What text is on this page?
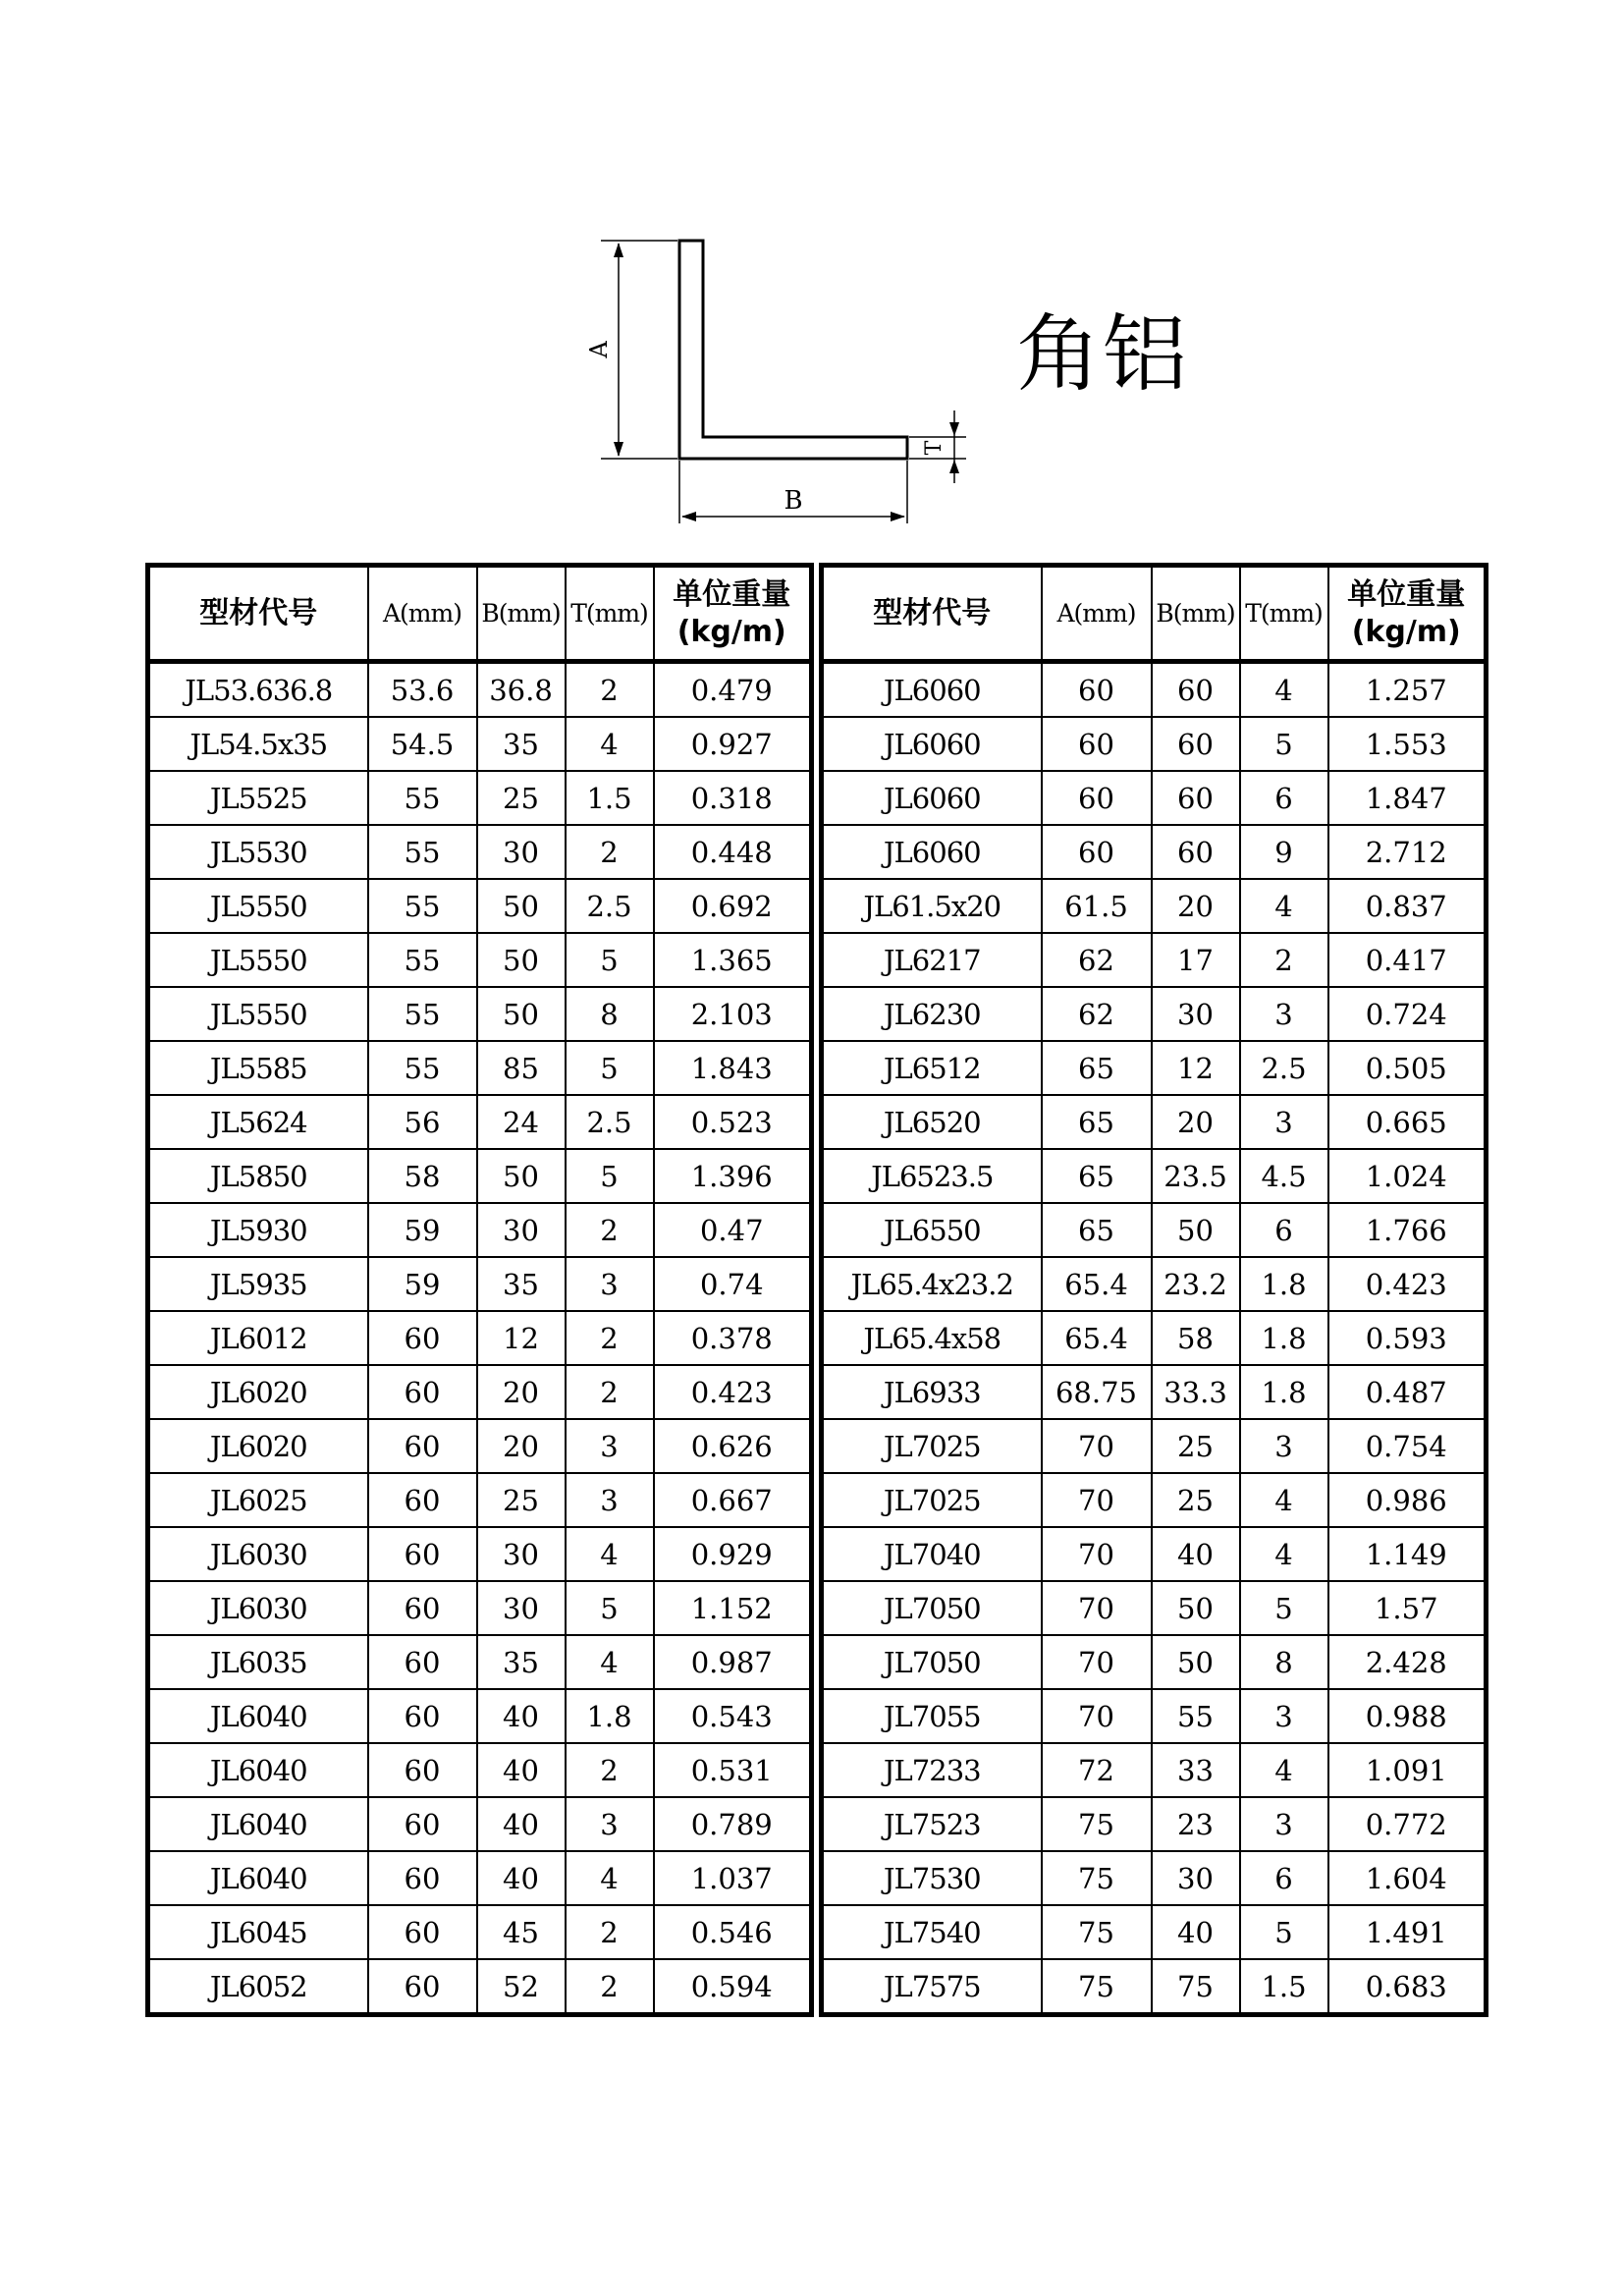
A
B
T
角铝
型材代号	A(mm)	B(mm)	T(mm)	单位重量
(kg/m)

JL53.636.8	53.6	36.8	2	0.479
JL54.5x35	54.5	35	4	0.927
JL5525	55	25	1.5	0.318
JL5530	55	30	2	0.448
JL5550	55	50	2.5	0.692
JL5550	55	50	5	1.365
JL5550	55	50	8	2.103
JL5585	55	85	5	1.843
JL5624	56	24	2.5	0.523
JL5850	58	50	5	1.396
JL5930	59	30	2	0.47
JL5935	59	35	3	0.74
JL6012	60	12	2	0.378
JL6020	60	20	2	0.423
JL6020	60	20	3	0.626
JL6025	60	25	3	0.667
JL6030	60	30	4	0.929
JL6030	60	30	5	1.152
JL6035	60	35	4	0.987
JL6040	60	40	1.8	0.543
JL6040	60	40	2	0.531
JL6040	60	40	3	0.789
JL6040	60	40	4	1.037
JL6045	60	45	2	0.546
JL6052	60	52	2	0.594
型材代号	A(mm)	B(mm)	T(mm)	单位重量
(kg/m)

JL6060	60	60	4	1.257
JL6060	60	60	5	1.553
JL6060	60	60	6	1.847
JL6060	60	60	9	2.712
JL61.5x20	61.5	20	4	0.837
JL6217	62	17	2	0.417
JL6230	62	30	3	0.724
JL6512	65	12	2.5	0.505
JL6520	65	20	3	0.665
JL6523.5	65	23.5	4.5	1.024
JL6550	65	50	6	1.766
JL65.4x23.2	65.4	23.2	1.8	0.423
JL65.4x58	65.4	58	1.8	0.593
JL6933	68.75	33.3	1.8	0.487
JL7025	70	25	3	0.754
JL7025	70	25	4	0.986
JL7040	70	40	4	1.149
JL7050	70	50	5	1.57
JL7050	70	50	8	2.428
JL7055	70	55	3	0.988
JL7233	72	33	4	1.091
JL7523	75	23	3	0.772
JL7530	75	30	6	1.604
JL7540	75	40	5	1.491
JL7575	75	75	1.5	0.683
